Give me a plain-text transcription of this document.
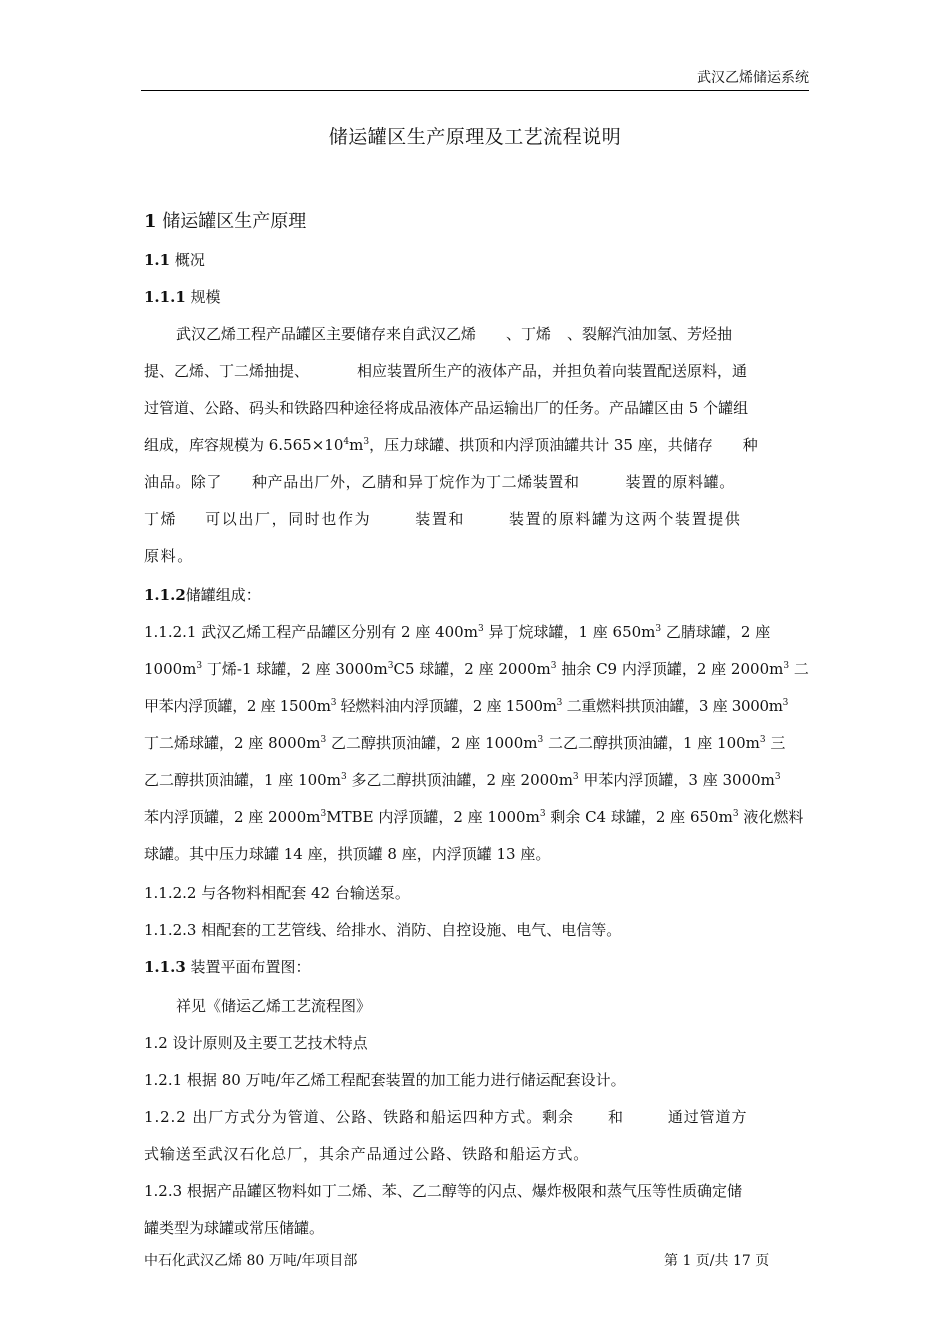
武汉乙烯储运系统
储运罐区生产原理及工艺流程说明
1 储运罐区生产原理
1.1 概况
1.1.1 规模
武汉乙烯工程产品罐区主要储存来自武汉乙烯 、丁烯 、裂解汽油加氢、芳烃抽
提、乙烯、丁二烯抽提、	相应装置所生产的液体产品，并担负着向装置配送原料，通
过管道、公路、码头和铁路四种途径将成品液体产品运输出厂的任务。产品罐区由 5 个罐组
组成，库容规模为 $6.565\times 10^4m^3$，压力球罐、拱顶和内浮顶油罐共计 35 座，共储存 种
油品。除了 种产品出厂外，乙腈和异丁烷作为丁二烯装置和	装置的原料罐。
丁烯 可以出厂，同时也作为	装置和	装置的原料罐为这两个装置提供
原料。
1.1.2储罐组成：
1.1.2.1 武汉乙烯工程产品罐区分别有 2 座 $400m^3$ 异丁烷球罐，1 座 $650m^3$ 乙腈球罐，2 座
$1000m^3$ 丁烯-1 球罐，2 座 $3000m^3C5$ 球罐，2 座 $2000m^3$ 抽余 C9 内浮顶罐，2 座 $2000m^3$ 二
甲苯内浮顶罐，2 座 $1500m^3$ 轻燃料油内浮顶罐，2 座 $1500m^3$ 二重燃料拱顶油罐，3 座 $3000m^3$
丁二烯球罐，2 座 $8000m^3$ 乙二醇拱顶油罐，2 座 $1000m^3$ 二乙二醇拱顶油罐，1 座 $100m^3$ 三
乙二醇拱顶油罐，1 座 $100m^3$ 多乙二醇拱顶油罐，2 座 $2000m^3$ 甲苯内浮顶罐，3 座 $3000m^3$
苯内浮顶罐，2 座 $2000m^3MTBE$ 内浮顶罐，2 座 $1000m^3$ 剩余 C4 球罐，2 座 $650m^3$ 液化燃料
球罐。其中压力球罐 14 座，拱顶罐 8 座，内浮顶罐 13 座。
1.1.2.2 与各物料相配套 42 台输送泵。
1.1.2.3 相配套的工艺管线、给排水、消防、自控设施、电气、电信等。
1.1.3 装置平面布置图：
祥见《储运乙烯工艺流程图》
1.2 设计原则及主要工艺技术特点
1.2.1 根据 80 万吨/年乙烯工程配套装置的加工能力进行储运配套设计。
1.2.2 出厂方式分为管道、公路、铁路和船运四种方式。剩余 和	通过管道方
式输送至武汉石化总厂，其余产品通过公路、铁路和船运方式。
1.2.3 根据产品罐区物料如丁二烯、苯、乙二醇等的闪点、爆炸极限和蒸气压等性质确定储
罐类型为球罐或常压储罐。
中石化武汉乙烯 80 万吨/年项目部	第 1 页/共 17 页
